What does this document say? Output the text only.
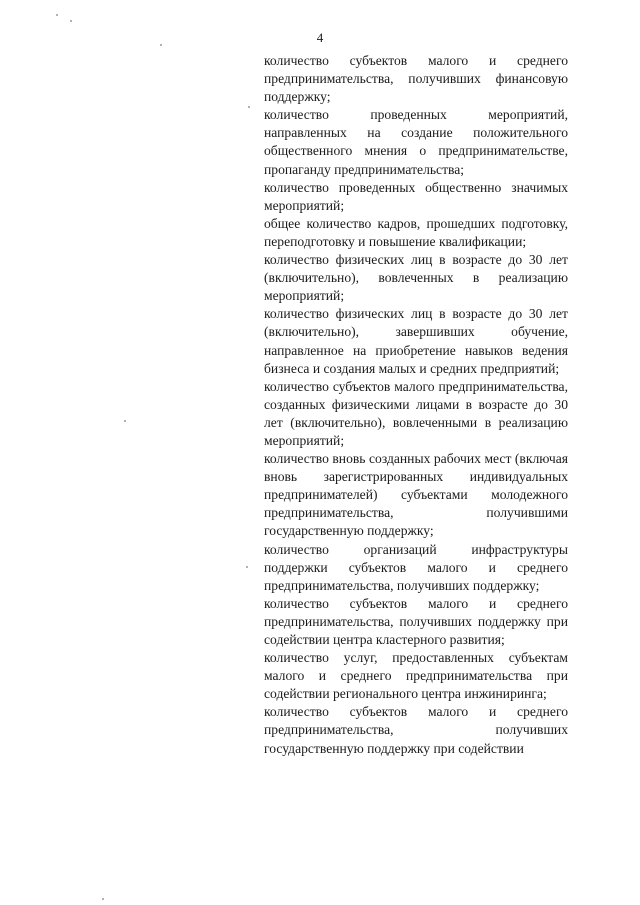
4

количество субъектов малого и среднего предпринимательства, получивших финансовую поддержку;

количество проведенных мероприятий, направленных на создание положительного общественного мнения о предпринимательстве, пропаганду предпринимательства;

количество проведенных общественно значимых мероприятий;

общее количество кадров, прошедших подготовку, переподготовку и повышение квалификации;

количество физических лиц в возрасте до 30 лет (включительно), вовлеченных в реализацию мероприятий;

количество физических лиц в возрасте до 30 лет (включительно), завершивших обучение, направленное на приобретение навыков ведения бизнеса и создания малых и средних предприятий;

количество субъектов малого предпринимательства, созданных физическими лицами в возрасте до 30 лет (включительно), вовлеченными в реализацию мероприятий;

количество вновь созданных рабочих мест (включая вновь зарегистрированных индивидуальных предпринимателей) субъектами молодежного предпринимательства, получившими государственную поддержку;

количество организаций инфраструктуры поддержки субъектов малого и среднего предпринимательства, получивших поддержку;

количество субъектов малого и среднего предпринимательства, получивших поддержку при содействии центра кластерного развития;

количество услуг, предоставленных субъектам малого и среднего предпринимательства при содействии регионального центра инжиниринга;

количество субъектов малого и среднего предпринимательства, получивших государственную поддержку при содействии
